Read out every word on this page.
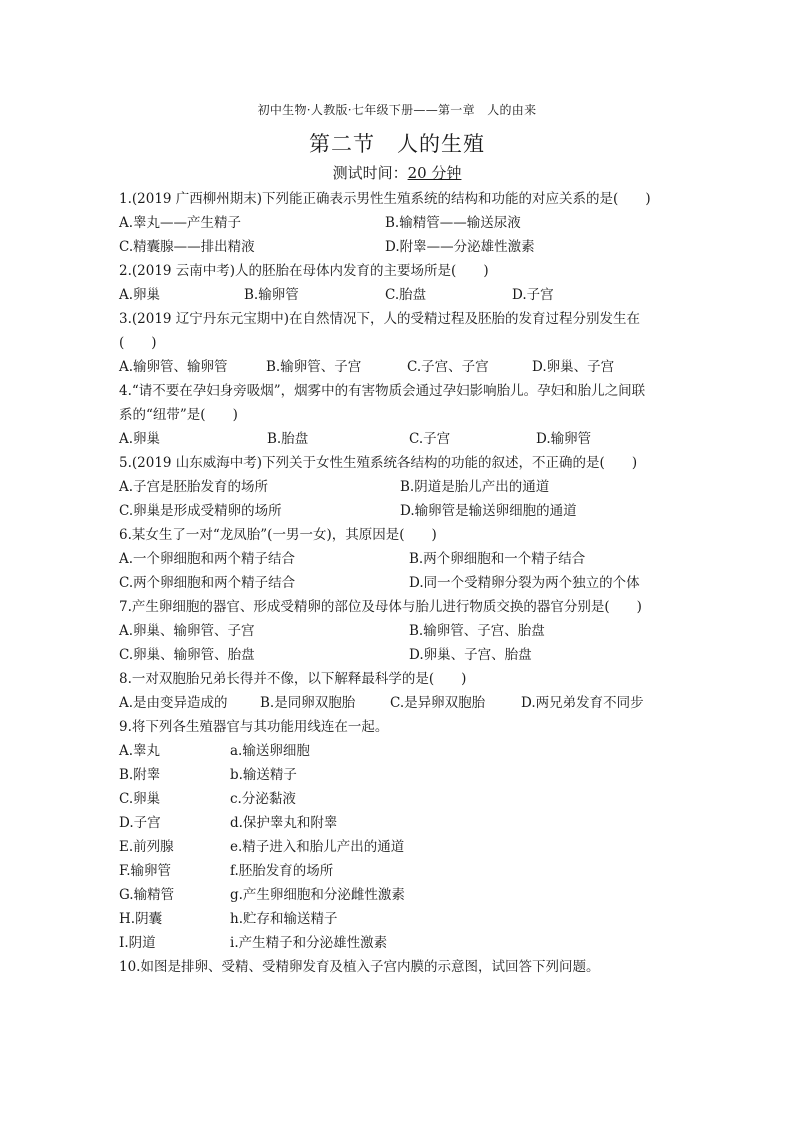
初中生物·人教版·七年级下册——第一章　人的由来
第二节　人的生殖
测试时间：20 分钟
1.(2019 广西柳州期末)下列能正确表示男性生殖系统的结构和功能的对应关系的是(　　)
A.睾丸——产生精子	B.输精管——输送尿液
C.精囊腺——排出精液	D.附睾——分泌雄性激素
2.(2019 云南中考)人的胚胎在母体内发育的主要场所是(　　)
A.卵巢	B.输卵管	C.胎盘	D.子宫
3.(2019 辽宁丹东元宝期中)在自然情况下，人的受精过程及胚胎的发育过程分别发生在
(　　)
A.输卵管、输卵管	B.输卵管、子宫	C.子宫、子宫	D.卵巢、子宫
4.“请不要在孕妇身旁吸烟”，烟雾中的有害物质会通过孕妇影响胎儿。孕妇和胎儿之间联
系的“纽带”是(　　)
A.卵巢	B.胎盘	C.子宫	D.输卵管
5.(2019 山东威海中考)下列关于女性生殖系统各结构的功能的叙述，不正确的是(　　)
A.子宫是胚胎发育的场所	B.阴道是胎儿产出的通道
C.卵巢是形成受精卵的场所	D.输卵管是输送卵细胞的通道
6.某女生了一对“龙凤胎”(一男一女)，其原因是(　　)
A.一个卵细胞和两个精子结合	B.两个卵细胞和一个精子结合
C.两个卵细胞和两个精子结合	D.同一个受精卵分裂为两个独立的个体
7.产生卵细胞的器官、形成受精卵的部位及母体与胎儿进行物质交换的器官分别是(　　)
A.卵巢、输卵管、子宫	B.输卵管、子宫、胎盘
C.卵巢、输卵管、胎盘	D.卵巢、子宫、胎盘
8.一对双胞胎兄弟长得并不像，以下解释最科学的是(　　)
A.是由变异造成的 B.是同卵双胞胎	C.是异卵双胞胎	D.两兄弟发育不同步
9.将下列各生殖器官与其功能用线连在一起。
A.睾丸	a.输送卵细胞
B.附睾	b.输送精子
C.卵巢	c.分泌黏液
D.子宫	d.保护睾丸和附睾
E.前列腺	e.精子进入和胎儿产出的通道
F.输卵管	f.胚胎发育的场所
G.输精管	g.产生卵细胞和分泌雌性激素
H.阴囊	h.贮存和输送精子
I.阴道	i.产生精子和分泌雄性激素
10.如图是排卵、受精、受精卵发育及植入子宫内膜的示意图，试回答下列问题。
